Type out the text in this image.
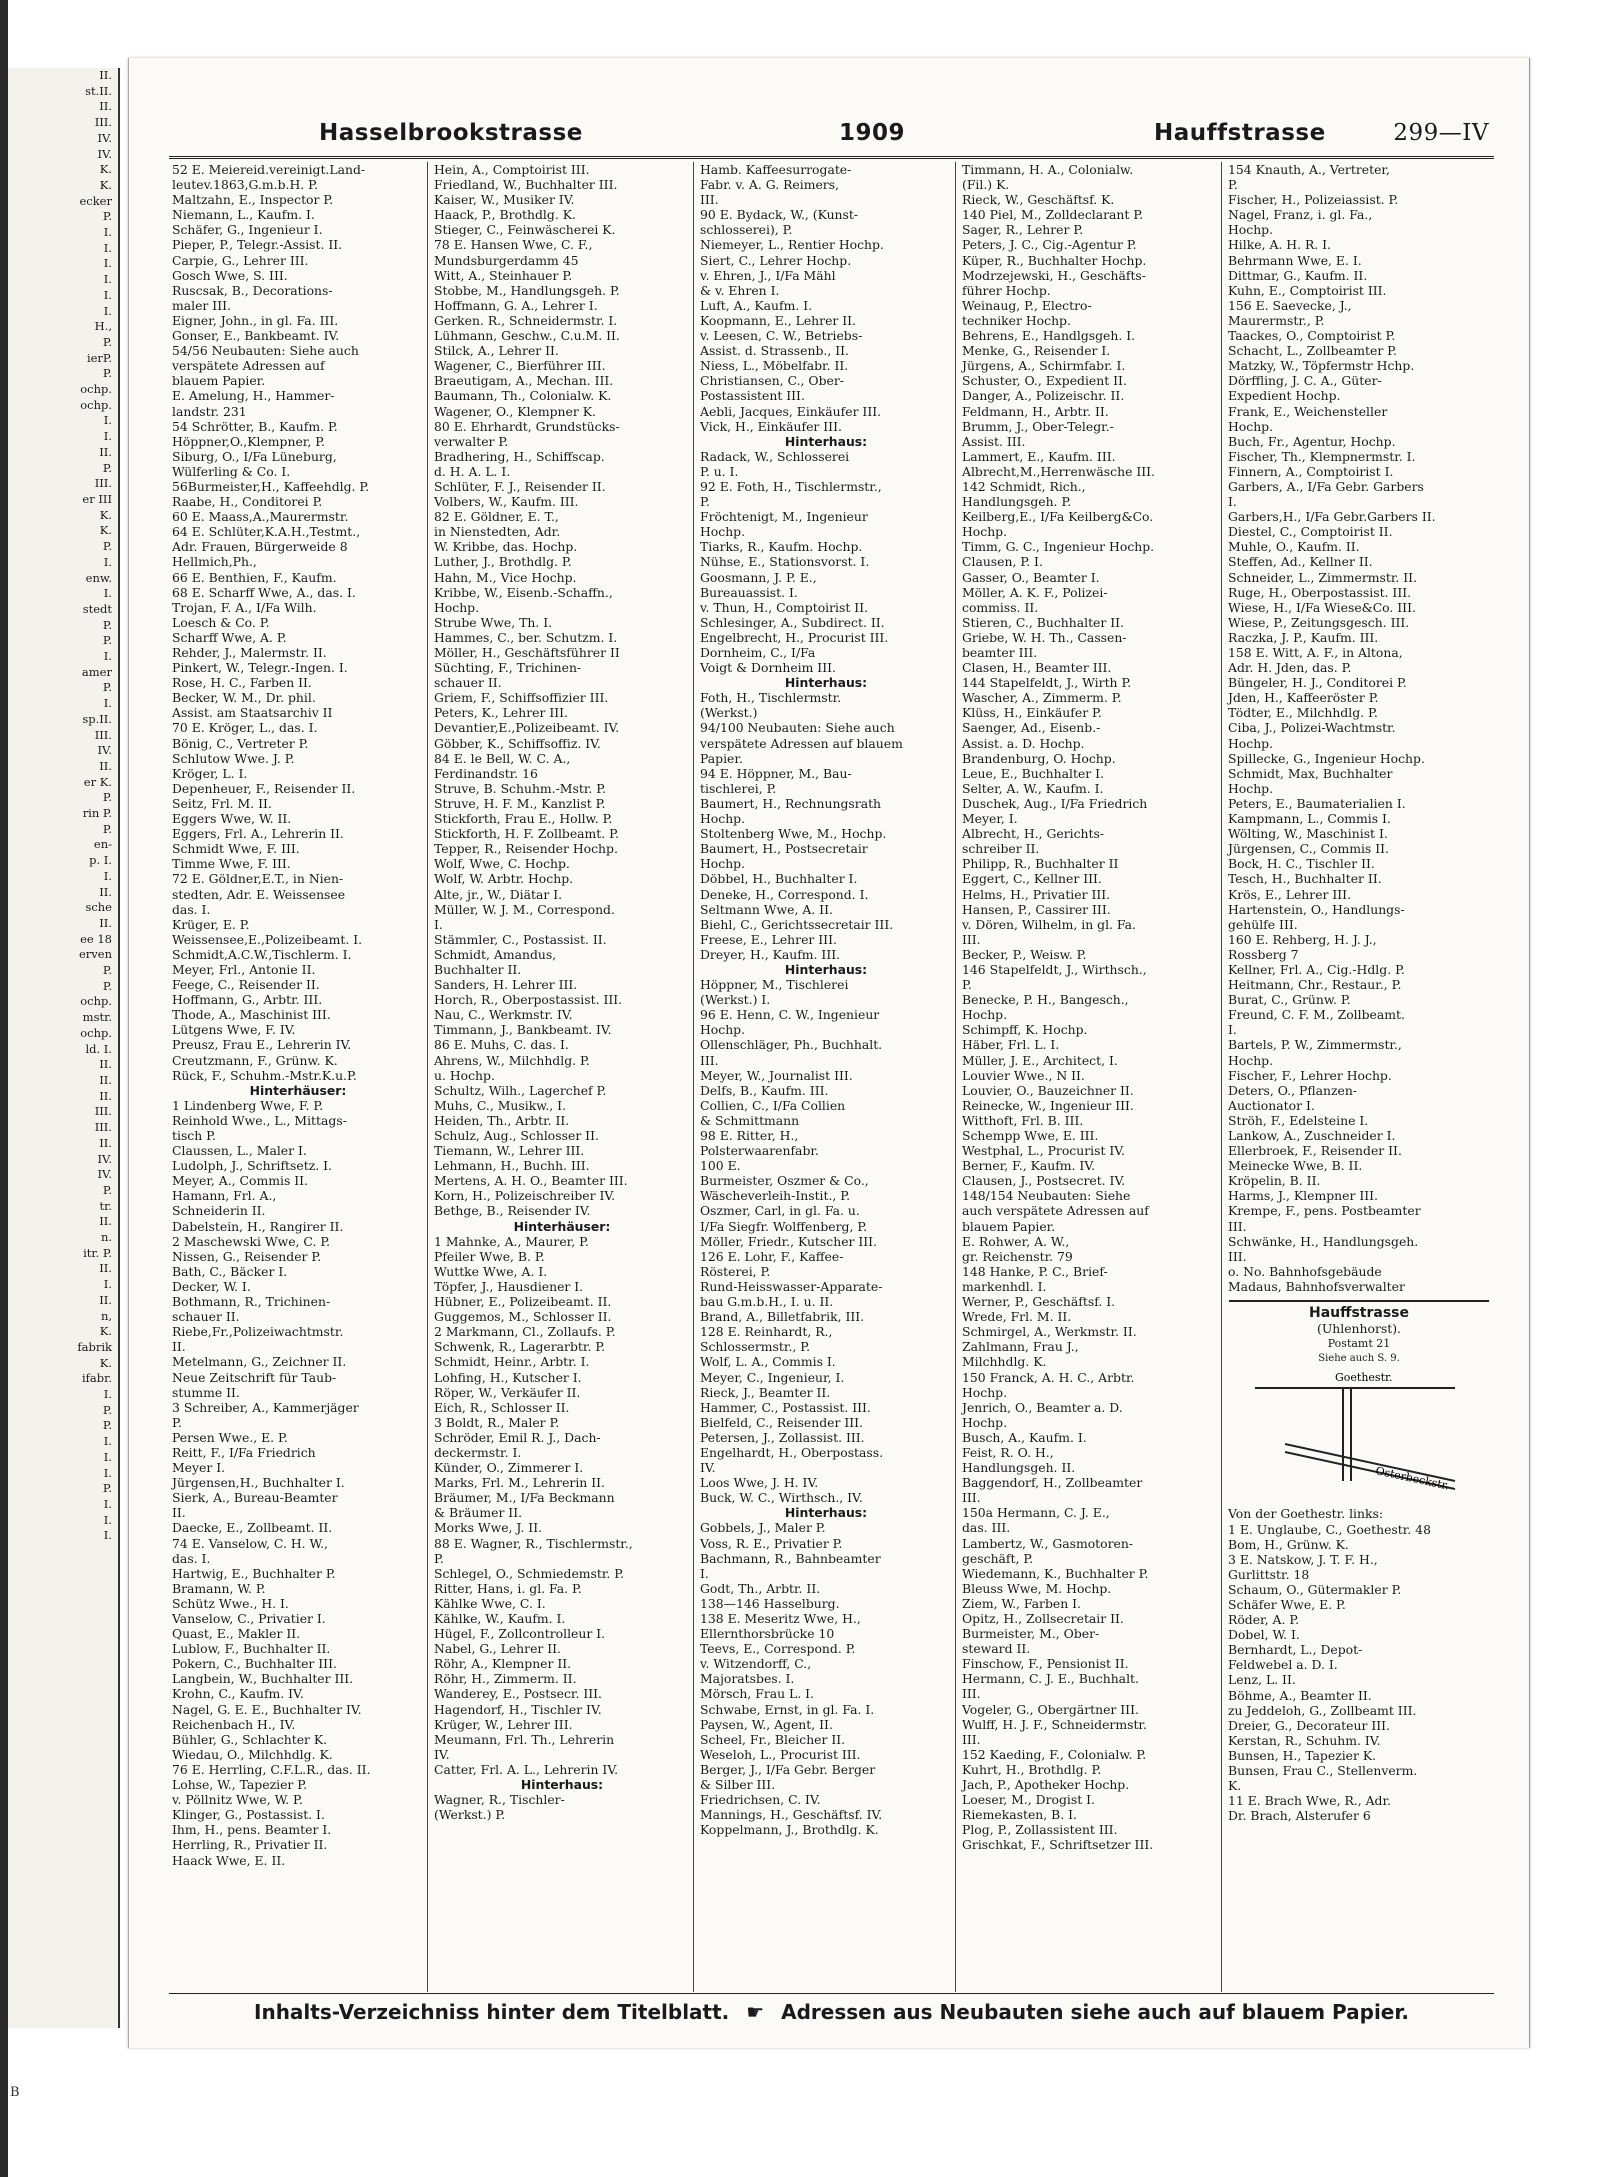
II.
st.II.
II.
III.
IV.
IV.
K.
K.
ecker
P.
I.
I.
I.
I.
I.
I.
H.,
P.
ierP.
P.
ochp.
ochp.
I.
I.
II.
P.
III.
er III
K.
K.
P.
I.
enw.
I.
stedt
P.
P.
I.
amer
P.
I.
sp.II.
III.
IV.
II.
er K.
P.
rin P.
P.
en-
p. I.
I.
II.
sche
II.
ee 18
erven
P.
P.
ochp.
mstr.
ochp.
ld. I.
II.
II.
II.
III.
III.
II.
IV.
IV.
P.
tr.
II.
n.
itr. P.
II.
I.
II.
n,
K.
fabrik
K.
ifabr.
I.
P.
P.
I.
I.
I.
P.
I.
I.
I.
Hasselbrookstrasse	1909	Hauffstrasse	299—IV
52 E. Meiereid.vereinigt.Land-
leutev.1863,G.m.b.H. P.
Maltzahn, E., Inspector P.
Niemann, L., Kaufm. I.
Schäfer, G., Ingenieur I.
Pieper, P., Telegr.-Assist. II.
Carpie, G., Lehrer III.
Gosch Wwe, S. III.
Ruscsak, B., Decorations-
maler III.
Eigner, John., in gl. Fa. III.
Gonser, E., Bankbeamt. IV.
54/56 Neubauten: Siehe auch
verspätete Adressen auf
blauem Papier.
E. Amelung, H., Hammer-
landstr. 231
54 Schrötter, B., Kaufm. P.
Höppner,O.,Klempner, P.
Siburg, O., I/Fa Lüneburg,
Wülferling & Co. I.
56Burmeister,H., Kaffeehdlg. P.
Raabe, H., Conditorei P.
60 E. Maass,A.,Maurermstr.
64 E. Schlüter,K.A.H.,Testmt.,
Adr. Frauen, Bürgerweide 8
Hellmich,Ph.,
66 E. Benthien, F., Kaufm.
68 E. Scharff Wwe, A., das. I.
Trojan, F. A., I/Fa Wilh.
Loesch & Co. P.
Scharff Wwe, A. P.
Rehder, J., Malermstr. II.
Pinkert, W., Telegr.-Ingen. I.
Rose, H. C., Farben II.
Becker, W. M., Dr. phil.
Assist. am Staatsarchiv II
70 E. Kröger, L., das. I.
Bönig, C., Vertreter P.
Schlutow Wwe. J. P.
Kröger, L. I.
Depenheuer, F., Reisender II.
Seitz, Frl. M. II.
Eggers Wwe, W. II.
Eggers, Frl. A., Lehrerin II.
Schmidt Wwe, F. III.
Timme Wwe, F. III.
72 E. Göldner,E.T., in Nien-
stedten, Adr. E. Weissensee
das. I.
Krüger, E. P.
Weissensee,E.,Polizeibeamt. I.
Schmidt,A.C.W.,Tischlerm. I.
Meyer, Frl., Antonie II.
Feege, C., Reisender II.
Hoffmann, G., Arbtr. III.
Thode, A., Maschinist III.
Lütgens Wwe, F. IV.
Preusz, Frau E., Lehrerin IV.
Creutzmann, F., Grünw. K.
Rück, F., Schuhm.-Mstr.K.u.P.
Hinterhäuser:
1 Lindenberg Wwe, F. P.
Reinhold Wwe., L., Mittags-
tisch P.
Claussen, L., Maler I.
Ludolph, J., Schriftsetz. I.
Meyer, A., Commis II.
Hamann, Frl. A.,
Schneiderin II.
Dabelstein, H., Rangirer II.
2 Maschewski Wwe, C. P.
Nissen, G., Reisender P.
Bath, C., Bäcker I.
Decker, W. I.
Bothmann, R., Trichinen-
schauer II.
Riebe,Fr.,Polizeiwachtmstr.
II.
Metelmann, G., Zeichner II.
Neue Zeitschrift für Taub-
stumme II.
3 Schreiber, A., Kammerjäger
P.
Persen Wwe., E. P.
Reitt, F., I/Fa Friedrich
Meyer I.
Jürgensen,H., Buchhalter I.
Sierk, A., Bureau-Beamter
II.
Daecke, E., Zollbeamt. II.
74 E. Vanselow, C. H. W.,
das. I.
Hartwig, E., Buchhalter P.
Bramann, W. P.
Schütz Wwe., H. I.
Vanselow, C., Privatier I.
Quast, E., Makler II.
Lublow, F., Buchhalter II.
Pokern, C., Buchhalter III.
Langbein, W., Buchhalter III.
Krohn, C., Kaufm. IV.
Nagel, G. E. E., Buchhalter IV.
Reichenbach H., IV.
Bühler, G., Schlachter K.
Wiedau, O., Milchhdlg. K.
76 E. Herrling, C.F.L.R., das. II.
Lohse, W., Tapezier P.
v. Pöllnitz Wwe, W. P.
Klinger, G., Postassist. I.
Ihm, H., pens. Beamter I.
Herrling, R., Privatier II.
Haack Wwe, E. II.
Hein, A., Comptoirist III.
Friedland, W., Buchhalter III.
Kaiser, W., Musiker IV.
Haack, P., Brothdlg. K.
Stieger, C., Feinwäscherei K.
78 E. Hansen Wwe, C. F.,
Mundsburgerdamm 45
Witt, A., Steinhauer P.
Stobbe, M., Handlungsgeh. P.
Hoffmann, G. A., Lehrer I.
Gerken. R., Schneidermstr. I.
Lühmann, Geschw., C.u.M. II.
Stilck, A., Lehrer II.
Wagener, C., Bierführer III.
Braeutigam, A., Mechan. III.
Baumann, Th., Colonialw. K.
Wagener, O., Klempner K.
80 E. Ehrhardt, Grundstücks-
verwalter P.
Bradhering, H., Schiffscap.
d. H. A. L. I.
Schlüter, F. J., Reisender II.
Volbers, W., Kaufm. III.
82 E. Göldner, E. T.,
in Nienstedten, Adr.
W. Kribbe, das. Hochp.
Luther, J., Brothdlg. P.
Hahn, M., Vice Hochp.
Kribbe, W., Eisenb.-Schaffn.,
Hochp.
Strube Wwe, Th. I.
Hammes, C., ber. Schutzm. I.
Möller, H., Geschäftsführer II
Süchting, F., Trichinen-
schauer II.
Griem, F., Schiffsoffizier III.
Peters, K., Lehrer III.
Devantier,E.,Polizeibeamt. IV.
Göbber, K., Schiffsoffiz. IV.
84 E. le Bell, W. C. A.,
Ferdinandstr. 16
Struve, B. Schuhm.-Mstr. P.
Struve, H. F. M., Kanzlist P.
Stickforth, Frau E., Hollw. P.
Stickforth, H. F. Zollbeamt. P.
Tepper, R., Reisender Hochp.
Wolf, Wwe, C. Hochp.
Wolf, W. Arbtr. Hochp.
Alte, jr., W., Diätar I.
Müller, W. J. M., Correspond.
I.
Stämmler, C., Postassist. II.
Schmidt, Amandus,
Buchhalter II.
Sanders, H. Lehrer III.
Horch, R., Oberpostassist. III.
Nau, C., Werkmstr. IV.
Timmann, J., Bankbeamt. IV.
86 E. Muhs, C. das. I.
Ahrens, W., Milchhdlg. P.
u. Hochp.
Schultz, Wilh., Lagerchef P.
Muhs, C., Musikw., I.
Heiden, Th., Arbtr. II.
Schulz, Aug., Schlosser II.
Tiemann, W., Lehrer III.
Lehmann, H., Buchh. III.
Mertens, A. H. O., Beamter III.
Korn, H., Polizeischreiber IV.
Bethge, B., Reisender IV.
Hinterhäuser:
1 Mahnke, A., Maurer, P.
Pfeiler Wwe, B. P.
Wuttke Wwe, A. I.
Töpfer, J., Hausdiener I.
Hübner, E., Polizeibeamt. II.
Guggemos, M., Schlosser II.
2 Markmann, Cl., Zollaufs. P.
Schwenk, R., Lagerarbtr. P.
Schmidt, Heinr., Arbtr. I.
Lohfing, H., Kutscher I.
Röper, W., Verkäufer II.
Eich, R., Schlosser II.
3 Boldt, R., Maler P.
Schröder, Emil R. J., Dach-
deckermstr. I.
Künder, O., Zimmerer I.
Marks, Frl. M., Lehrerin II.
Bräumer, M., I/Fa Beckmann
& Bräumer II.
Morks Wwe, J. II.
88 E. Wagner, R., Tischlermstr.,
P.
Schlegel, O., Schmiedemstr. P.
Ritter, Hans, i. gl. Fa. P.
Kählke Wwe, C. I.
Kählke, W., Kaufm. I.
Hügel, F., Zollcontrolleur I.
Nabel, G., Lehrer II.
Röhr, A., Klempner II.
Röhr, H., Zimmerm. II.
Wanderey, E., Postsecr. III.
Hagendorf, H., Tischler IV.
Krüger, W., Lehrer III.
Meumann, Frl. Th., Lehrerin
IV.
Catter, Frl. A. L., Lehrerin IV.
Hinterhaus:
Wagner, R., Tischler-
(Werkst.) P.
Hamb. Kaffeesurrogate-
Fabr. v. A. G. Reimers,
III.
90 E. Bydack, W., (Kunst-
schlosserei), P.
Niemeyer, L., Rentier Hochp.
Siert, C., Lehrer Hochp.
v. Ehren, J., I/Fa Mähl
& v. Ehren I.
Luft, A., Kaufm. I.
Koopmann, E., Lehrer II.
v. Leesen, C. W., Betriebs-
Assist. d. Strassenb., II.
Niess, L., Möbelfabr. II.
Christiansen, C., Ober-
Postassistent III.
Aebli, Jacques, Einkäufer III.
Vick, H., Einkäufer III.
Hinterhaus:
Radack, W., Schlosserei
P. u. I.
92 E. Foth, H., Tischlermstr.,
P.
Fröchtenigt, M., Ingenieur
Hochp.
Tiarks, R., Kaufm. Hochp.
Nühse, E., Stationsvorst. I.
Goosmann, J. P. E.,
Bureauassist. I.
v. Thun, H., Comptoirist II.
Schlesinger, A., Subdirect. II.
Engelbrecht, H., Procurist III.
Dornheim, C., I/Fa
Voigt & Dornheim III.
Hinterhaus:
Foth, H., Tischlermstr.
(Werkst.)
94/100 Neubauten: Siehe auch
verspätete Adressen auf blauem
Papier.
94 E. Höppner, M., Bau-
tischlerei, P.
Baumert, H., Rechnungsrath
Hochp.
Stoltenberg Wwe, M., Hochp.
Baumert, H., Postsecretair
Hochp.
Döbbel, H., Buchhalter I.
Deneke, H., Correspond. I.
Seltmann Wwe, A. II.
Biehl, C., Gerichtssecretair III.
Freese, E., Lehrer III.
Dreyer, H., Kaufm. III.
Hinterhaus:
Höppner, M., Tischlerei
(Werkst.) I.
96 E. Henn, C. W., Ingenieur
Hochp.
Ollenschläger, Ph., Buchhalt.
III.
Meyer, W., Journalist III.
Delfs, B., Kaufm. III.
Collien, C., I/Fa Collien
& Schmittmann
98 E. Ritter, H.,
Polsterwaarenfabr.
100 E.
Burmeister, Oszmer & Co.,
Wäscheverleih-Instit., P.
Oszmer, Carl, in gl. Fa. u.
I/Fa Siegfr. Wolffenberg, P.
Möller, Friedr., Kutscher III.
126 E. Lohr, F., Kaffee-
Rösterei, P.
Rund-Heisswasser-Apparate-
bau G.m.b.H., I. u. II.
Brand, A., Billetfabrik, III.
128 E. Reinhardt, R.,
Schlossermstr., P.
Wolf, L. A., Commis I.
Meyer, C., Ingenieur, I.
Rieck, J., Beamter II.
Hammer, C., Postassist. III.
Bielfeld, C., Reisender III.
Petersen, J., Zollassist. III.
Engelhardt, H., Oberpostass.
IV.
Loos Wwe, J. H. IV.
Buck, W. C., Wirthsch., IV.
Hinterhaus:
Gobbels, J., Maler P.
Voss, R. E., Privatier P.
Bachmann, R., Bahnbeamter
I.
Godt, Th., Arbtr. II.
138—146 Hasselburg.
138 E. Meseritz Wwe, H.,
Ellernthorsbrücke 10
Teevs, E., Correspond. P.
v. Witzendorff, C.,
Majoratsbes. I.
Mörsch, Frau L. I.
Schwabe, Ernst, in gl. Fa. I.
Paysen, W., Agent, II.
Scheel, Fr., Bleicher II.
Weseloh, L., Procurist III.
Berger, J., I/Fa Gebr. Berger
& Silber III.
Friedrichsen, C. IV.
Mannings, H., Geschäftsf. IV.
Koppelmann, J., Brothdlg. K.
Timmann, H. A., Colonialw.
(Fil.) K.
Rieck, W., Geschäftsf. K.
140 Piel, M., Zolldeclarant P.
Sager, R., Lehrer P.
Peters, J. C., Cig.-Agentur P.
Küper, R., Buchhalter Hochp.
Modrzejewski, H., Geschäfts-
führer Hochp.
Weinaug, P., Electro-
techniker Hochp.
Behrens, E., Handlgsgeh. I.
Menke, G., Reisender I.
Jürgens, A., Schirmfabr. I.
Schuster, O., Expedient II.
Danger, A., Polizeischr. II.
Feldmann, H., Arbtr. II.
Brumm, J., Ober-Telegr.-
Assist. III.
Lammert, E., Kaufm. III.
Albrecht,M.,Herrenwäsche III.
142 Schmidt, Rich.,
Handlungsgeh. P.
Keilberg,E., I/Fa Keilberg&Co.
Hochp.
Timm, G. C., Ingenieur Hochp.
Clausen, P. I.
Gasser, O., Beamter I.
Möller, A. K. F., Polizei-
commiss. II.
Stieren, C., Buchhalter II.
Griebe, W. H. Th., Cassen-
beamter III.
Clasen, H., Beamter III.
144 Stapelfeldt, J., Wirth P.
Wascher, A., Zimmerm. P.
Klüss, H., Einkäufer P.
Saenger, Ad., Eisenb.-
Assist. a. D. Hochp.
Brandenburg, O. Hochp.
Leue, E., Buchhalter I.
Selter, A. W., Kaufm. I.
Duschek, Aug., I/Fa Friedrich
Meyer, I.
Albrecht, H., Gerichts-
schreiber II.
Philipp, R., Buchhalter II
Eggert, C., Kellner III.
Helms, H., Privatier III.
Hansen, P., Cassirer III.
v. Dören, Wilhelm, in gl. Fa.
III.
Becker, P., Weisw. P.
146 Stapelfeldt, J., Wirthsch.,
P.
Benecke, P. H., Bangesch.,
Hochp.
Schimpff, K. Hochp.
Häber, Frl. L. I.
Müller, J. E., Architect, I.
Louvier Wwe., N II.
Louvier, O., Bauzeichner II.
Reinecke, W., Ingenieur III.
Witthoft, Frl. B. III.
Schempp Wwe, E. III.
Westphal, L., Procurist IV.
Berner, F., Kaufm. IV.
Clausen, J., Postsecret. IV.
148/154 Neubauten: Siehe
auch verspätete Adressen auf
blauem Papier.
E. Rohwer, A. W.,
gr. Reichenstr. 79
148 Hanke, P. C., Brief-
markenhdl. I.
Werner, P., Geschäftsf. I.
Wrede, Frl. M. II.
Schmirgel, A., Werkmstr. II.
Zahlmann, Frau J.,
Milchhdlg. K.
150 Franck, A. H. C., Arbtr.
Hochp.
Jenrich, O., Beamter a. D.
Hochp.
Busch, A., Kaufm. I.
Feist, R. O. H.,
Handlungsgeh. II.
Baggendorf, H., Zollbeamter
III.
150a Hermann, C. J. E.,
das. III.
Lambertz, W., Gasmotoren-
geschäft, P.
Wiedemann, K., Buchhalter P.
Bleuss Wwe, M. Hochp.
Ziem, W., Farben I.
Opitz, H., Zollsecretair II.
Burmeister, M., Ober-
steward II.
Finschow, F., Pensionist II.
Hermann, C. J. E., Buchhalt.
III.
Vogeler, G., Obergärtner III.
Wulff, H. J. F., Schneidermstr.
III.
152 Kaeding, F., Colonialw. P.
Kuhrt, H., Brothdlg. P.
Jach, P., Apotheker Hochp.
Loeser, M., Drogist I.
Riemekasten, B. I.
Plog, P., Zollassistent III.
Grischkat, F., Schriftsetzer III.
154 Knauth, A., Vertreter,
P.
Fischer, H., Polizeiassist. P.
Nagel, Franz, i. gl. Fa.,
Hochp.
Hilke, A. H. R. I.
Behrmann Wwe, E. I.
Dittmar, G., Kaufm. II.
Kuhn, E., Comptoirist III.
156 E. Saevecke, J.,
Maurermstr., P.
Taackes, O., Comptoirist P.
Schacht, L., Zollbeamter P.
Matzky, W., Töpfermstr Hchp.
Dörffling, J. C. A., Güter-
Expedient Hochp.
Frank, E., Weichensteller
Hochp.
Buch, Fr., Agentur, Hochp.
Fischer, Th., Klempnermstr. I.
Finnern, A., Comptoirist I.
Garbers, A., I/Fa Gebr. Garbers
I.
Garbers,H., I/Fa Gebr.Garbers II.
Diestel, C., Comptoirist II.
Muhle, O., Kaufm. II.
Steffen, Ad., Kellner II.
Schneider, L., Zimmermstr. II.
Ruge, H., Oberpostassist. III.
Wiese, H., I/Fa Wiese&Co. III.
Wiese, P., Zeitungsgesch. III.
Raczka, J. P., Kaufm. III.
158 E. Witt, A. F., in Altona,
Adr. H. Jden, das. P.
Büngeler, H. J., Conditorei P.
Jden, H., Kaffeeröster P.
Tödter, E., Milchhdlg. P.
Ciba, J., Polizei-Wachtmstr.
Hochp.
Spillecke, G., Ingenieur Hochp.
Schmidt, Max, Buchhalter
Hochp.
Peters, E., Baumaterialien I.
Kampmann, L., Commis I.
Wölting, W., Maschinist I.
Jürgensen, C., Commis II.
Bock, H. C., Tischler II.
Tesch, H., Buchhalter II.
Krös, E., Lehrer III.
Hartenstein, O., Handlungs-
gehülfe III.
160 E. Rehberg, H. J. J.,
Rossberg 7
Kellner, Frl. A., Cig.-Hdlg. P.
Heitmann, Chr., Restaur., P.
Burat, C., Grünw. P.
Freund, C. F. M., Zollbeamt.
I.
Bartels, P. W., Zimmermstr.,
Hochp.
Fischer, F., Lehrer Hochp.
Deters, O., Pflanzen-
Auctionator I.
Ströh, F., Edelsteine I.
Lankow, A., Zuschneider I.
Ellerbroek, F., Reisender II.
Meinecke Wwe, B. II.
Kröpelin, B. II.
Harms, J., Klempner III.
Krempe, F., pens. Postbeamter
III.
Schwänke, H., Handlungsgeh.
III.
o. No. Bahnhofsgebäude
Madaus, Bahnhofsverwalter
Hauffstrasse
(Uhlenhorst).
Postamt 21
Siehe auch S. 9.
Goethestr.
Osterbeckstr.
Von der Goethestr. links:
1 E. Unglaube, C., Goethestr. 48
Bom, H., Grünw. K.
3 E. Natskow, J. T. F. H.,
Gurlittstr. 18
Schaum, O., Gütermakler P.
Schäfer Wwe, E. P.
Röder, A. P.
Dobel, W. I.
Bernhardt, L., Depot-
Feldwebel a. D. I.
Lenz, L. II.
Böhme, A., Beamter II.
zu Jeddeloh, G., Zollbeamt III.
Dreier, G., Decorateur III.
Kerstan, R., Schuhm. IV.
Bunsen, H., Tapezier K.
Bunsen, Frau C., Stellenverm.
K.
11 E. Brach Wwe, R., Adr.
Dr. Brach, Alsterufer 6
Inhalts-Verzeichniss hinter dem Titelblatt. ☛ Adressen aus Neubauten siehe auch auf blauem Papier.
B
